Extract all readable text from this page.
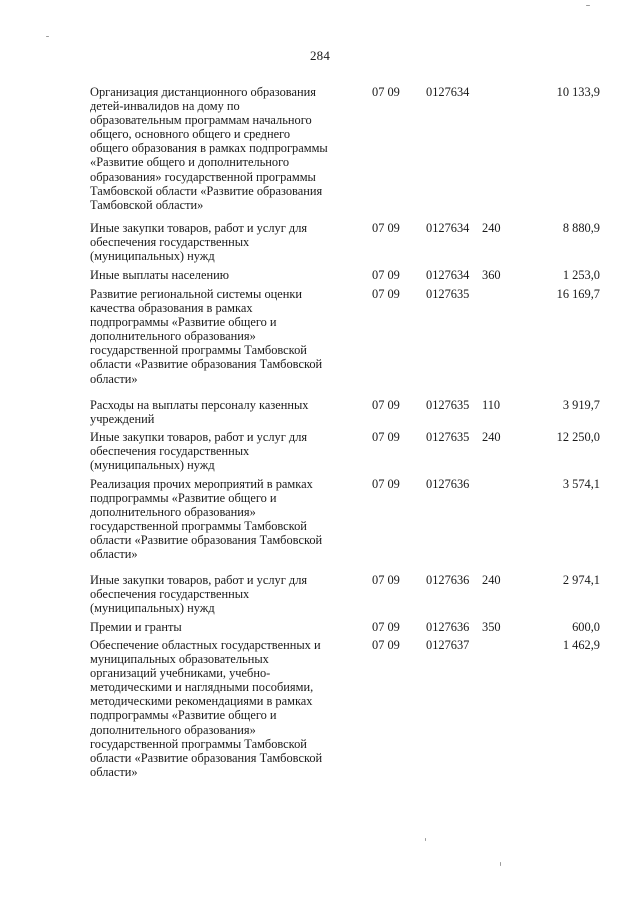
284
Организация дистанционного образования
детей-инвалидов на дому по
образовательным программам начального
общего, основного общего и среднего
общего образования в рамках подпрограммы
«Развитие общего и дополнительного
образования» государственной программы
Тамбовской области «Развитие образования
Тамбовской области»
07 09 0127634	10 133,9
Иные закупки товаров, работ и услуг для
обеспечения государственных
(муниципальных) нужд
07 09 0127634 240	8 880,9
Иные выплаты населению	07 09 0127634 360	1 253,0
Развитие региональной системы оценки
качества образования в рамках
подпрограммы «Развитие общего и
дополнительного образования»
государственной программы Тамбовской
области «Развитие образования Тамбовской
области»
07 09 0127635	16 169,7
Расходы на выплаты персоналу казенных
учреждений
07 09 0127635 110	3 919,7
Иные закупки товаров, работ и услуг для
обеспечения государственных
(муниципальных) нужд
07 09 0127635 240	12 250,0
Реализация прочих мероприятий в рамках
подпрограммы «Развитие общего и
дополнительного образования»
государственной программы Тамбовской
области «Развитие образования Тамбовской
области»
07 09 0127636	3 574,1
Иные закупки товаров, работ и услуг для
обеспечения государственных
(муниципальных) нужд
07 09 0127636 240	2 974,1
Премии и гранты	07 09 0127636 350	600,0
Обеспечение областных государственных и
муниципальных образовательных
организаций учебниками, учебно-
методическими и наглядными пособиями,
методическими рекомендациями в рамках
подпрограммы «Развитие общего и
дополнительного образования»
государственной программы Тамбовской
области «Развитие образования Тамбовской
области»
07 09 0127637	1 462,9
